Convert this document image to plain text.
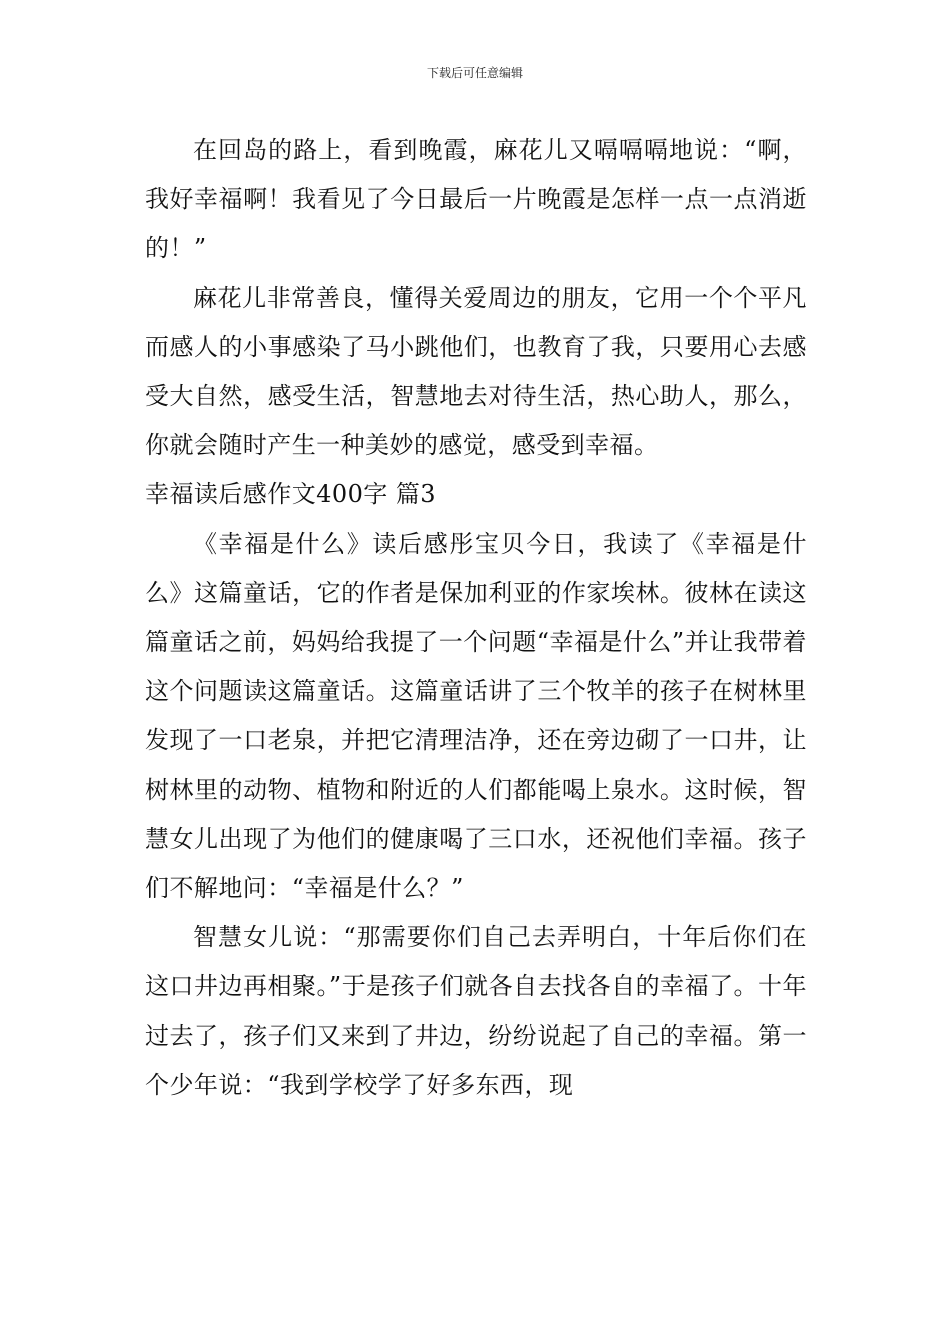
下载后可任意编辑

在回岛的路上，看到晚霞，麻花儿又嗝嗝嗝地说：“啊，我好幸福啊！我看见了今日最后一片晚霞是怎样一点一点消逝的！”

麻花儿非常善良，懂得关爱周边的朋友，它用一个个平凡而感人的小事感染了马小跳他们，也教育了我，只要用心去感受大自然，感受生活，智慧地去对待生活，热心助人，那么，你就会随时产生一种美妙的感觉，感受到幸福。

幸福读后感作文400字 篇3

《幸福是什么》读后感彤宝贝今日，我读了《幸福是什么》这篇童话，它的作者是保加利亚的作家埃林。彼林在读这篇童话之前，妈妈给我提了一个问题“幸福是什么”并让我带着这个问题读这篇童话。这篇童话讲了三个牧羊的孩子在树林里发现了一口老泉，并把它清理洁净，还在旁边砌了一口井，让树林里的动物、植物和附近的人们都能喝上泉水。这时候，智慧女儿出现了为他们的健康喝了三口水，还祝他们幸福。孩子们不解地问：“幸福是什么？”

智慧女儿说：“那需要你们自己去弄明白，十年后你们在这口井边再相聚。”于是孩子们就各自去找各自的幸福了。十年过去了，孩子们又来到了井边，纷纷说起了自己的幸福。第一个少年说：“我到学校学了好多东西，现
